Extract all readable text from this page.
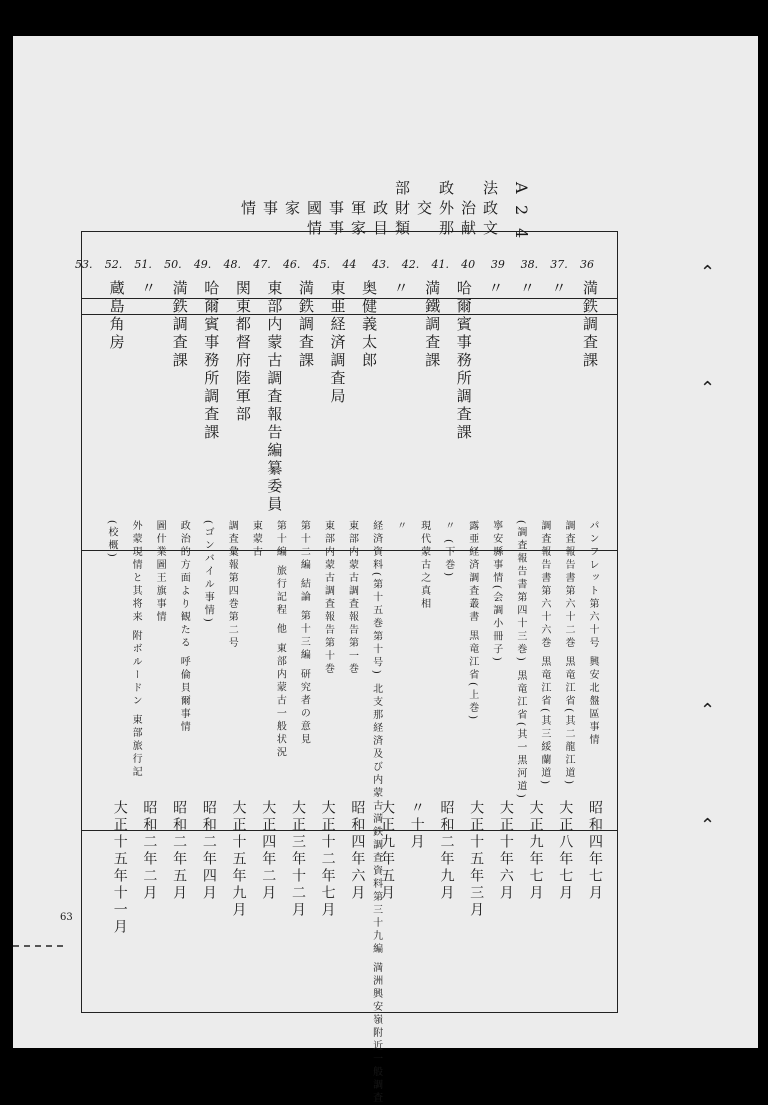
A
2
4
法
政
文
治
献
政
外
那
交
部
財
類
政
目
軍
家
事
事
國
情
家
事
情
36
37.
38.
39
40
41.
42.
43.
44
45.
46.
47.
48.
49.
50.
51.
52.
53.
満鉄調査課
〃
〃
〃
哈爾賓事務所調査課
満鐵調査課
〃
奥健義太郎
東亜経済調査局
満鉄調査課
東部内蒙古調査報告編纂委員
関東都督府陸軍部
哈爾賓事務所調査課
満鉄調査課
〃
蔵島角房
パンフレット第六十号 興安北盤區事情
調査報告書第六十二巻 黒竜江省(其二龍江道)
調査報告書第六十六巻 黒竜江省(其三綏蘭道)
(調査報告書第四十三巻) 黒竜江省(其一黒河道)
寧安縣事情(会調小冊子)
露亜経済調査叢書 黒竜江省(上巻)
〃 (下巻)
現代蒙古之真相
〃
経済資料(第十五巻第十号) 北支那経済及び内蒙古満鉄調査資料第三十九編 満洲興安嶺附近一般調査
東部内蒙古調査報告第一巻
東部内蒙古調査報告第十巻
第十二編 結論 第十三編 研究者の意見
第十編 旅行記程 他 東部内蒙古一般状況
東蒙古
調査彙報第四巻第二号
(ゴンバイル事情)
政治的方面より観たる 呼倫貝爾事情
圖什業圖王旗事情
外蒙現情と其将来 附ボルードン 東部旅行記
(校概)
昭和四年七月
大正八年七月
大正九年七月
大正十年六月
大正十五年三月
昭和二年九月
〃十月
大正九年五月
昭和四年六月
大正十二年七月
大正三年十二月
大正四年二月
大正十五年九月
昭和二年四月
昭和二年五月
昭和二年二月
大正十五年十一月
63
⌃
⌃
⌃
⌃
